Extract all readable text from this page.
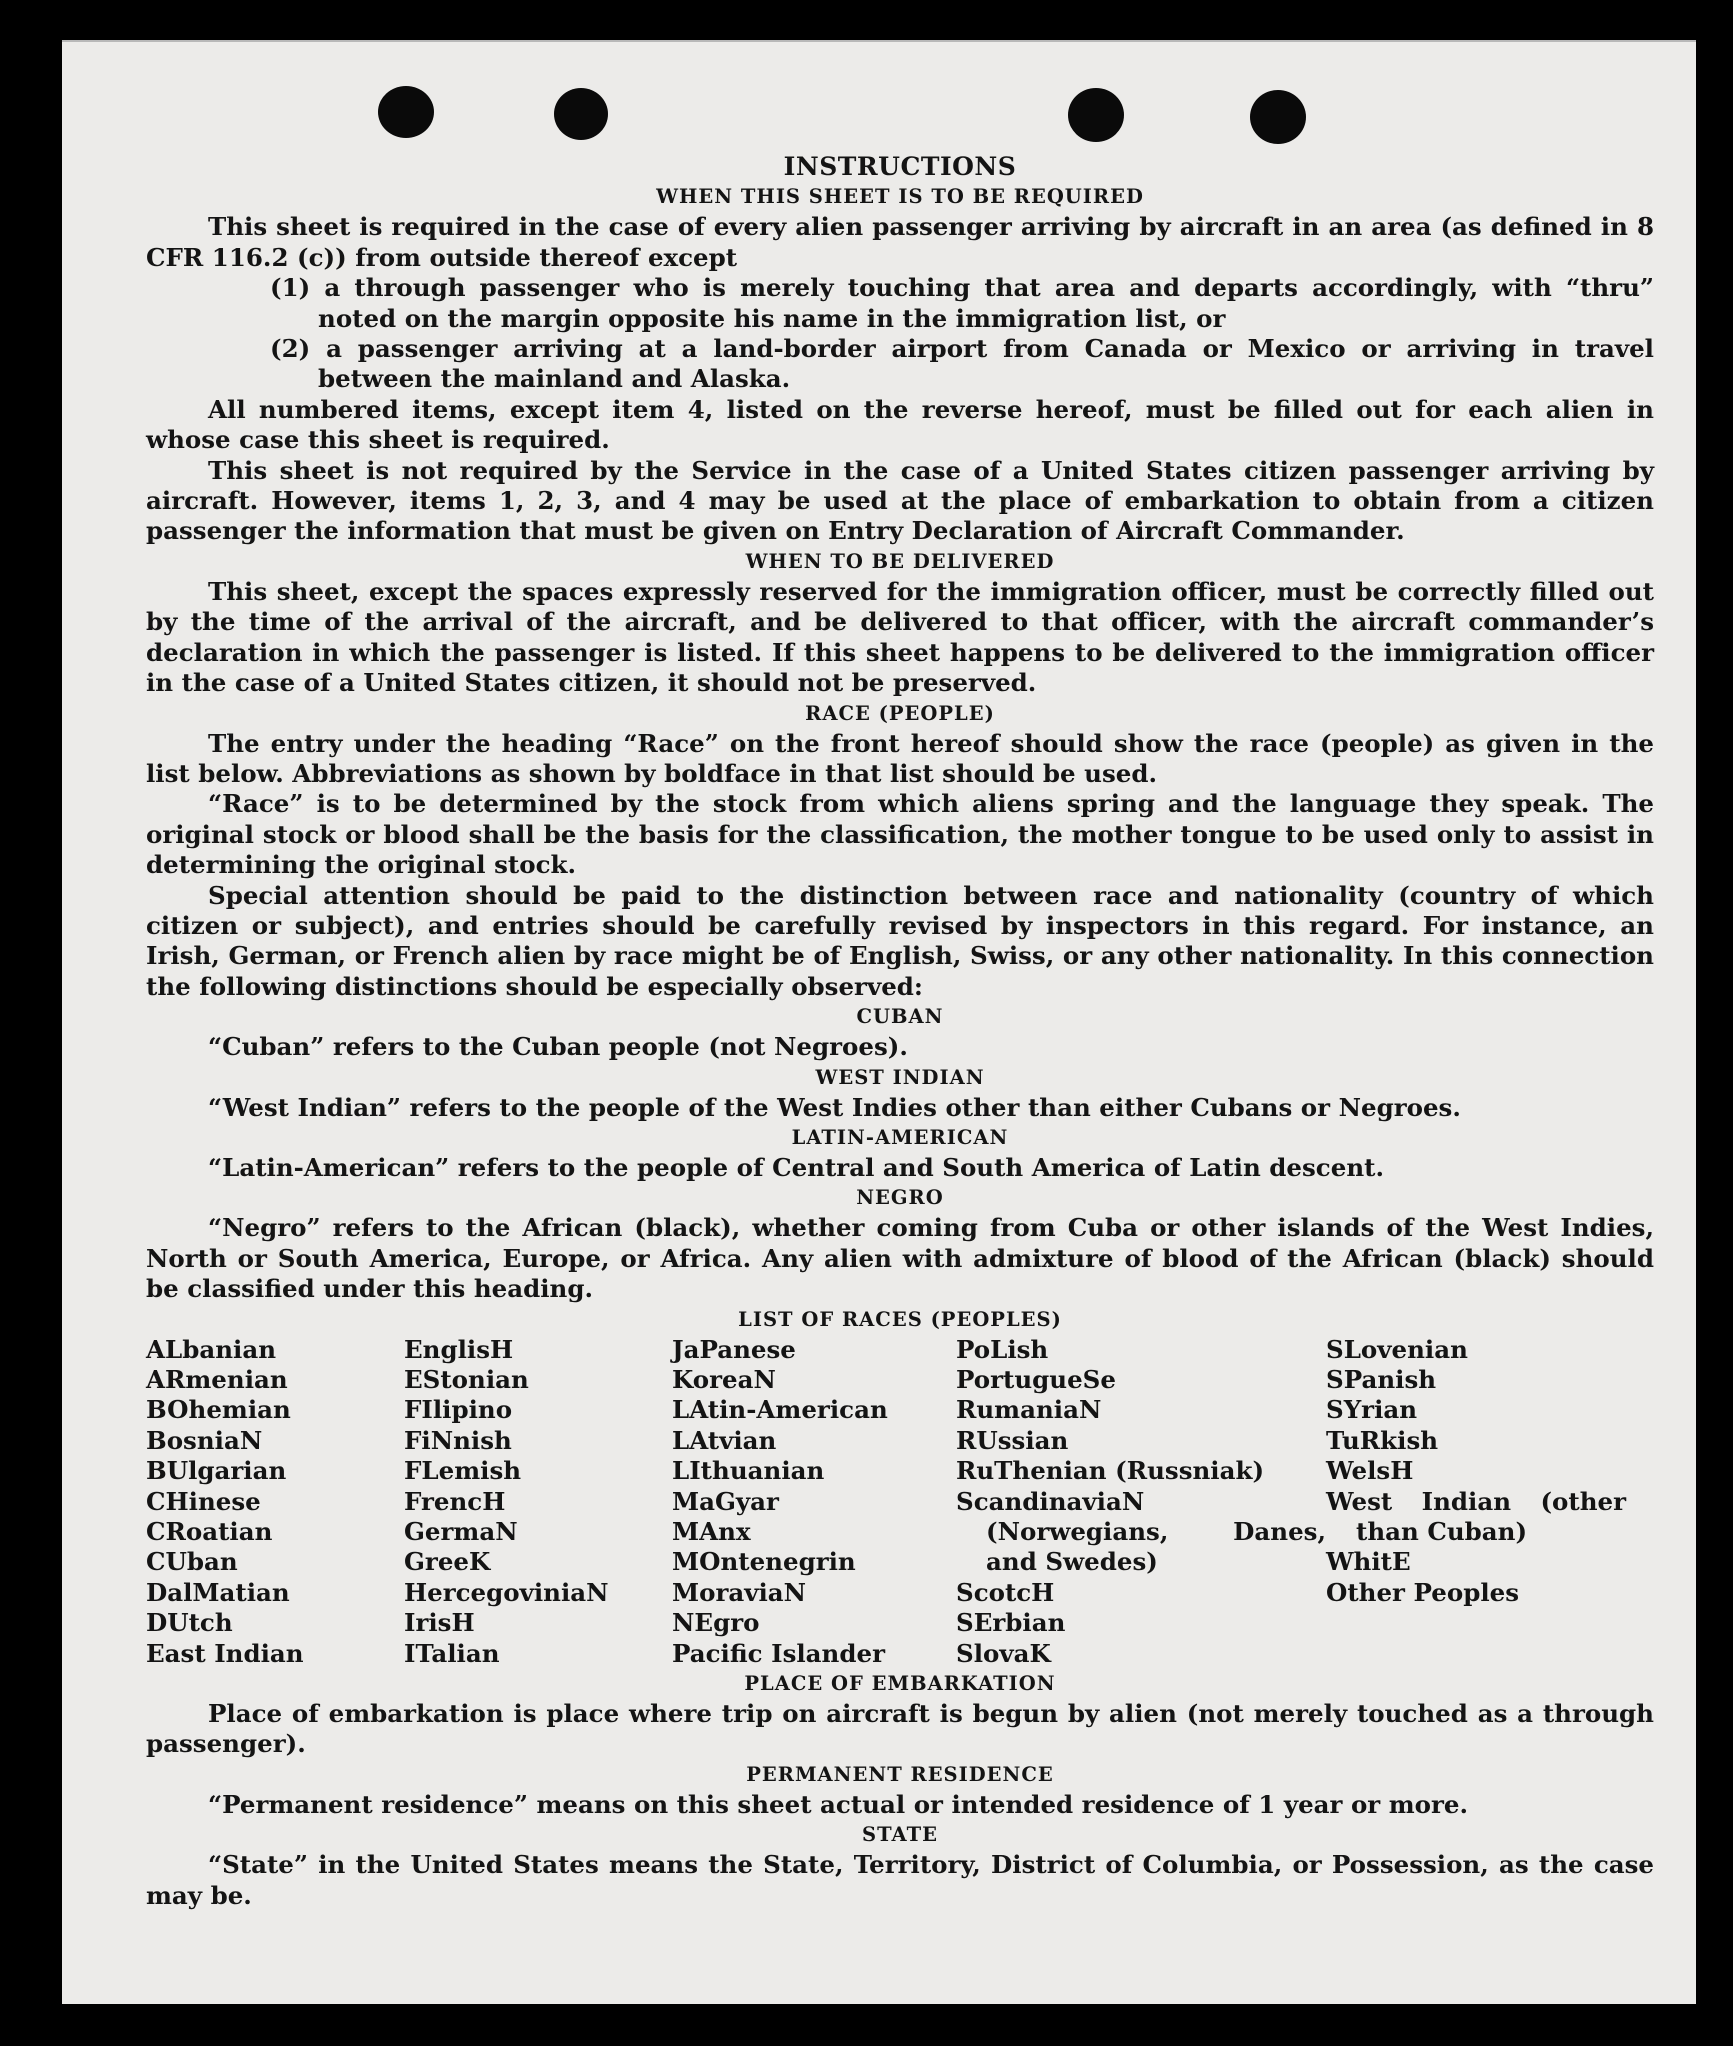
INSTRUCTIONS
WHEN THIS SHEET IS TO BE REQUIRED

This sheet is required in the case of every alien passenger arriving by aircraft in an area (as defined in 8 CFR 116.2 (c)) from outside thereof except

(1) a through passenger who is merely touching that area and departs accordingly, with “thru” noted on the margin opposite his name in the immigration list, or

(2) a passenger arriving at a land-border airport from Canada or Mexico or arriving in travel between the mainland and Alaska.

All numbered items, except item 4, listed on the reverse hereof, must be filled out for each alien in whose case this sheet is required.

This sheet is not required by the Service in the case of a United States citizen passenger arriving by aircraft. However, items 1, 2, 3, and 4 may be used at the place of embarkation to obtain from a citizen passenger the information that must be given on Entry Declaration of Aircraft Commander.

WHEN TO BE DELIVERED

This sheet, except the spaces expressly reserved for the immigration officer, must be correctly filled out by the time of the arrival of the aircraft, and be delivered to that officer, with the aircraft commander’s declaration in which the passenger is listed. If this sheet happens to be delivered to the immigration officer in the case of a United States citizen, it should not be preserved.

RACE (PEOPLE)

The entry under the heading “Race” on the front hereof should show the race (people) as given in the list below. Abbreviations as shown by boldface in that list should be used.

“Race” is to be determined by the stock from which aliens spring and the language they speak. The original stock or blood shall be the basis for the classification, the mother tongue to be used only to assist in determining the original stock.

Special attention should be paid to the distinction between race and nationality (country of which citizen or subject), and entries should be carefully revised by inspectors in this regard. For instance, an Irish, German, or French alien by race might be of English, Swiss, or any other nationality. In this connection the following distinctions should be especially observed:

CUBAN

“Cuban” refers to the Cuban people (not Negroes).

WEST INDIAN

“West Indian” refers to the people of the West Indies other than either Cubans or Negroes.

LATIN-AMERICAN

“Latin-American” refers to the people of Central and South America of Latin descent.

NEGRO

“Negro” refers to the African (black), whether coming from Cuba or other islands of the West Indies, North or South America, Europe, or Africa. Any alien with admixture of blood of the African (black) should be classified under this heading.

LIST OF RACES (PEOPLES)
ALbanian
ARmenian
BOhemian
BosniaN
BUlgarian
CHinese
CRoatian
CUban
DalMatian
DUtch
East Indian
EnglisH
EStonian
FIlipino
FiNnish
FLemish
FrencH
GermaN
GreeK
HercegoviniaN
IrisH
ITalian
JaPanese
KoreaN
LAtin-American
LAtvian
LIthuanian
MaGyar
MAnx
MOntenegrin
MoraviaN
NEgro
Pacific Islander
PoLish
PortugueSe
RumaniaN
RUssian
RuThenian (Russniak)
ScandinaviaN (Norwegians, Danes, and Swedes)
ScotcH
SErbian
SlovaK
SLovenian
SPanish
SYrian
TuRkish
WelsH
West Indian (other than Cuban)
WhitE
Other Peoples
PLACE OF EMBARKATION

Place of embarkation is place where trip on aircraft is begun by alien (not merely touched as a through passenger).

PERMANENT RESIDENCE

“Permanent residence” means on this sheet actual or intended residence of 1 year or more.

STATE

“State” in the United States means the State, Territory, District of Columbia, or Possession, as the case may be.
